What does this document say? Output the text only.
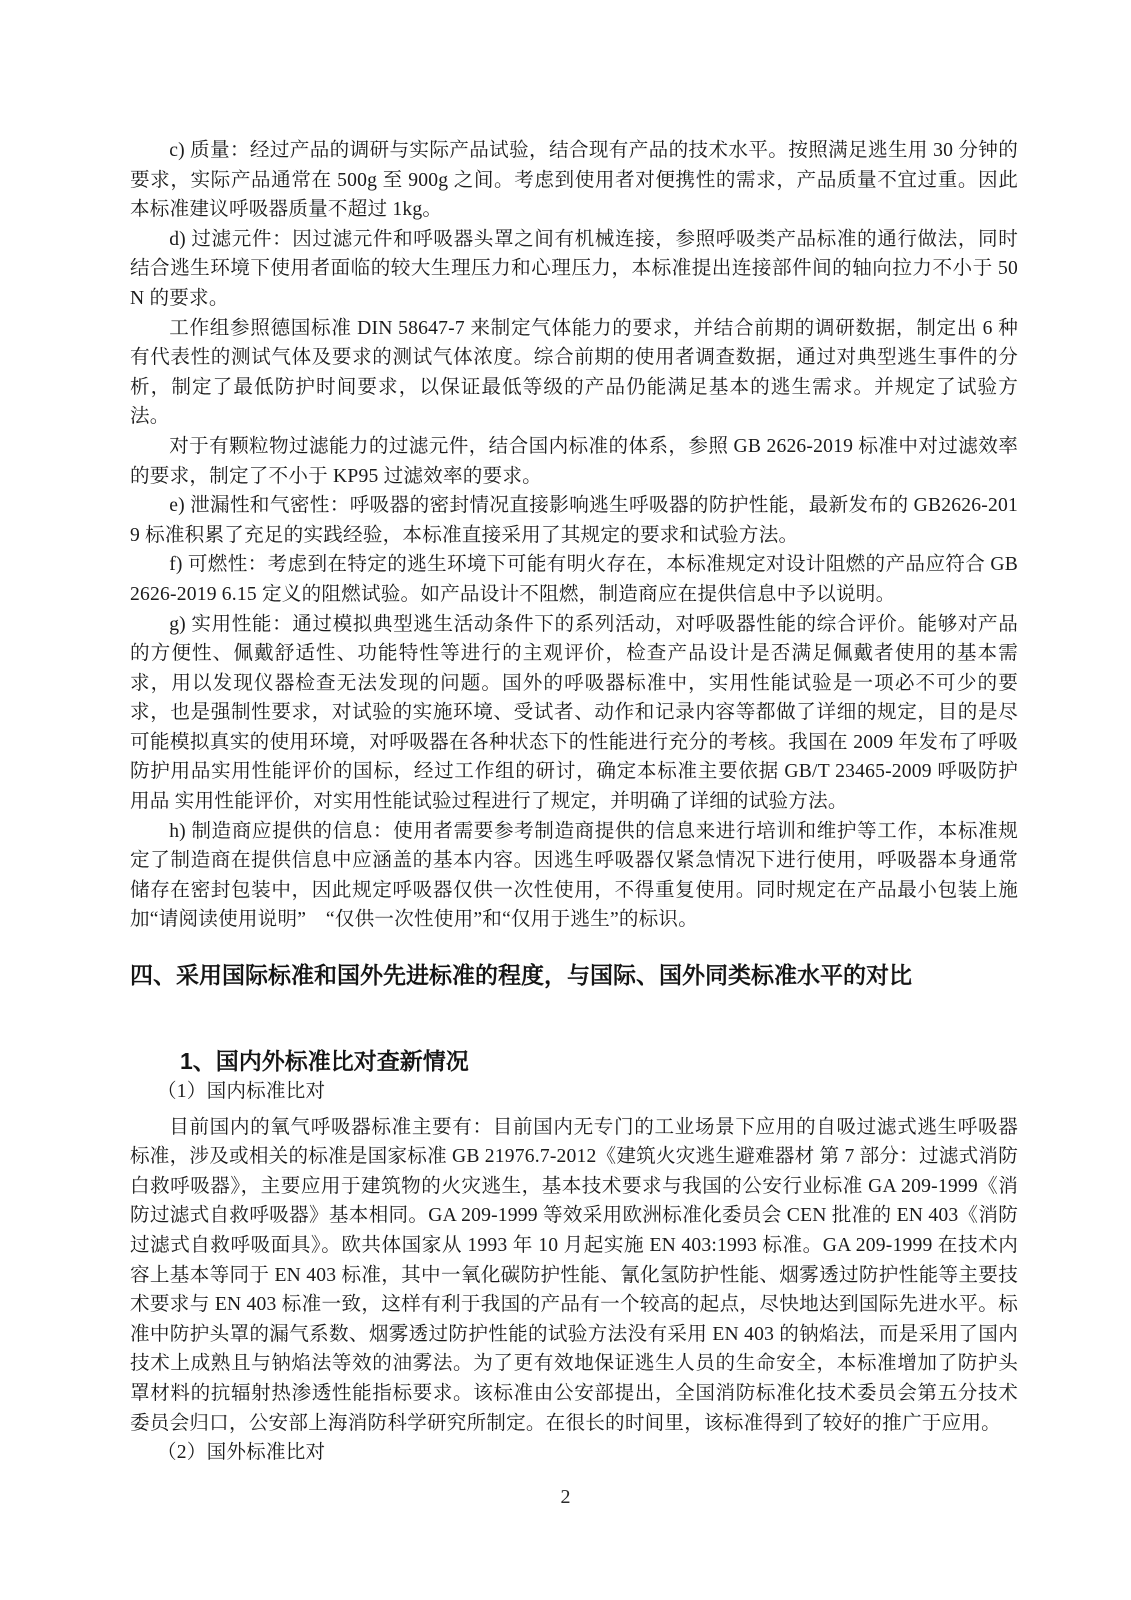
c) 质量：经过产品的调研与实际产品试验，结合现有产品的技术水平。按照满足逃生用 30 分钟的要求，实际产品通常在 500g 至 900g 之间。考虑到使用者对便携性的需求，产品质量不宜过重。因此本标准建议呼吸器质量不超过 1kg。

d) 过滤元件：因过滤元件和呼吸器头罩之间有机械连接，参照呼吸类产品标准的通行做法，同时结合逃生环境下使用者面临的较大生理压力和心理压力，本标准提出连接部件间的轴向拉力不小于 50N 的要求。

工作组参照德国标准 DIN 58647-7 来制定气体能力的要求，并结合前期的调研数据，制定出 6 种有代表性的测试气体及要求的测试气体浓度。综合前期的使用者调查数据，通过对典型逃生事件的分析，制定了最低防护时间要求，以保证最低等级的产品仍能满足基本的逃生需求。并规定了试验方法。

对于有颗粒物过滤能力的过滤元件，结合国内标准的体系，参照 GB 2626-2019 标准中对过滤效率的要求，制定了不小于 KP95 过滤效率的要求。

e) 泄漏性和气密性：呼吸器的密封情况直接影响逃生呼吸器的防护性能，最新发布的 GB2626-2019 标准积累了充足的实践经验，本标准直接采用了其规定的要求和试验方法。

f) 可燃性：考虑到在特定的逃生环境下可能有明火存在，本标准规定对设计阻燃的产品应符合 GB2626-2019 6.15 定义的阻燃试验。如产品设计不阻燃，制造商应在提供信息中予以说明。

g) 实用性能：通过模拟典型逃生活动条件下的系列活动，对呼吸器性能的综合评价。能够对产品的方便性、佩戴舒适性、功能特性等进行的主观评价，检查产品设计是否满足佩戴者使用的基本需求，用以发现仪器检查无法发现的问题。国外的呼吸器标准中，实用性能试验是一项必不可少的要求，也是强制性要求，对试验的实施环境、受试者、动作和记录内容等都做了详细的规定，目的是尽可能模拟真实的使用环境，对呼吸器在各种状态下的性能进行充分的考核。我国在 2009 年发布了呼吸防护用品实用性能评价的国标，经过工作组的研讨，确定本标准主要依据 GB/T 23465-2009 呼吸防护用品 实用性能评价，对实用性能试验过程进行了规定，并明确了详细的试验方法。

h) 制造商应提供的信息：使用者需要参考制造商提供的信息来进行培训和维护等工作，本标准规定了制造商在提供信息中应涵盖的基本内容。因逃生呼吸器仅紧急情况下进行使用，呼吸器本身通常储存在密封包装中，因此规定呼吸器仅供一次性使用，不得重复使用。同时规定在产品最小包装上施加“请阅读使用说明”　“仅供一次性使用”和“仅用于逃生”的标识。

四、采用国际标准和国外先进标准的程度，与国际、国外同类标准水平的对比
1、国内外标准比对查新情况

（1）国内标准比对

目前国内的氧气呼吸器标准主要有：目前国内无专门的工业场景下应用的自吸过滤式逃生呼吸器标准，涉及或相关的标准是国家标准 GB 21976.7-2012《建筑火灾逃生避难器材 第 7 部分：过滤式消防白救呼吸器》，主要应用于建筑物的火灾逃生，基本技术要求与我国的公安行业标准 GA 209-1999《消防过滤式自救呼吸器》基本相同。GA 209-1999 等效采用欧洲标准化委员会 CEN 批准的 EN 403《消防过滤式自救呼吸面具》。欧共体国家从 1993 年 10 月起实施 EN 403:1993 标准。GA 209-1999 在技术内容上基本等同于 EN 403 标准，其中一氧化碳防护性能、氰化氢防护性能、烟雾透过防护性能等主要技术要求与 EN 403 标准一致，这样有利于我国的产品有一个较高的起点，尽快地达到国际先进水平。标准中防护头罩的漏气系数、烟雾透过防护性能的试验方法没有采用 EN 403 的钠焰法，而是采用了国内技术上成熟且与钠焰法等效的油雾法。为了更有效地保证逃生人员的生命安全，本标准增加了防护头罩材料的抗辐射热渗透性能指标要求。该标准由公安部提出，全国消防标准化技术委员会第五分技术委员会归口，公安部上海消防科学研究所制定。在很长的时间里，该标准得到了较好的推广于应用。

（2）国外标准比对

2
